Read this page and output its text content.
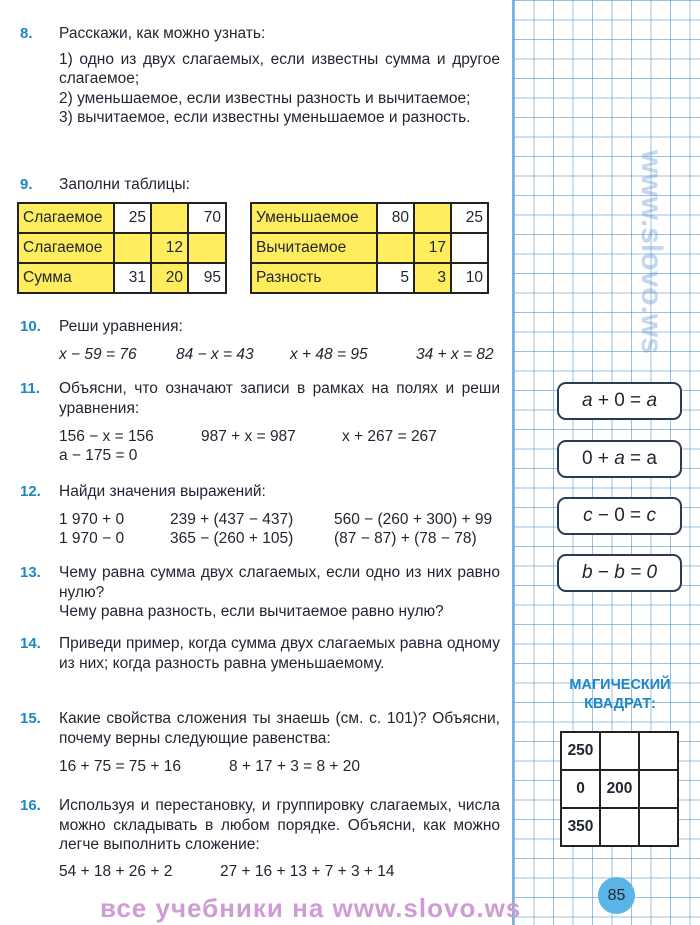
www.slovo.ws
8.	Расскажи, как можно узнать:
1) одно из двух слагаемых, если известны сумма и другое слагаемое;
2) уменьшаемое, если известны разность и вычитаемое;
3) вычитаемое, если известны уменьшаемое и разность.
9.	Заполни таблицы:
Слагаемое	25		70
Слагаемое		12	
Сумма	31	20	95
Уменьшаемое	80		25
Вычитаемое		17	
Разность	5	3	10
10.	Реши уравнения:
x − 59 = 76	84 − x = 43 x + 48 = 95	34 + x = 82
11.	Объясни, что означают записи в рамках на полях и реши уравнения:
156 − x = 156	987 + x = 987	x + 267 = 267
a − 175 = 0
12.	Найди значения выражений:
1 970 + 0	239 + (437 − 437)	560 − (260 + 300) + 99
1 970 − 0	365 − (260 + 105)	(87 − 87) + (78 − 78)
13.	Чему равна сумма двух слагаемых, если одно из них равно нулю?
Чему равна разность, если вычитаемое равно нулю?
14.	Приведи пример, когда сумма двух слагаемых равна одному из них; когда разность равна уменьшаемому.
15.	Какие свойства сложения ты знаешь (см. с. 101)? Объясни, почему верны следующие равенства:
16 + 75 = 75 + 16	8 + 17 + 3 = 8 + 20
16.	Используя и перестановку, и группировку слагаемых, числа можно складывать в любом порядке. Объясни, как можно легче выполнить сложение:
54 + 18 + 26 + 2	27 + 16 + 13 + 7 + 3 + 14
a + 0 = a
0 + a = a
c − 0 = c
b − b = 0
МАГИЧЕСКИЙ КВАДРАТ:
250		
0	200	
350		
85
все учебники на www.slovo.ws
